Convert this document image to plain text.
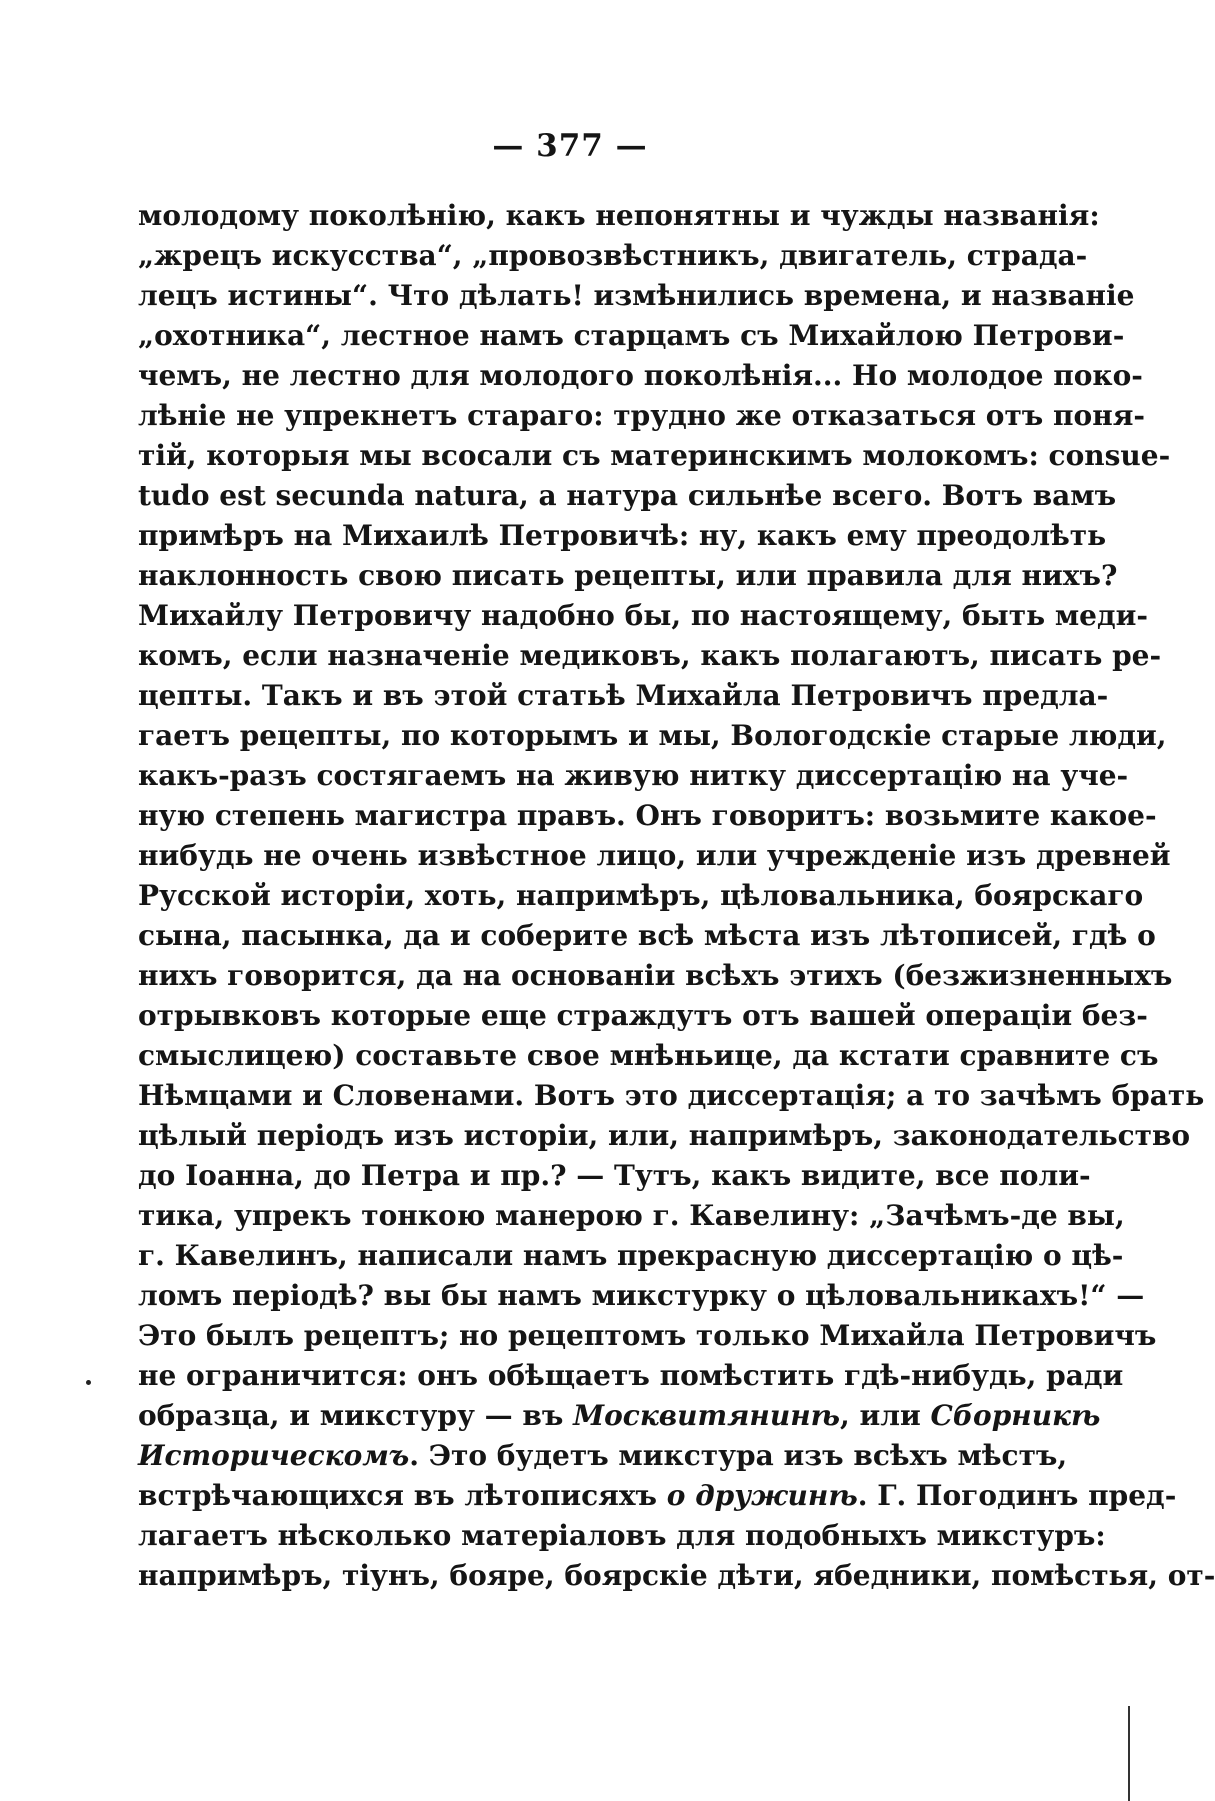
— 377 —
молодому поколѣнію, какъ непонятны и чужды названія:
„жрецъ искусства“, „провозвѣстникъ, двигатель, страда-
лецъ истины“. Что дѣлать! измѣнились времена, и названіе
„охотника“, лестное намъ старцамъ съ Михайлою Петрови-
чемъ, не лестно для молодого поколѣнія... Но молодое поко-
лѣніе не упрекнетъ стараго: трудно же отказаться отъ поня-
тій, которыя мы всосали съ материнскимъ молокомъ: consue-
tudo est secunda natura, а натура сильнѣе всего. Вотъ вамъ
примѣръ на Михаилѣ Петровичѣ: ну, какъ ему преодолѣть
наклонность свою писать рецепты, или правила для нихъ?
Михайлу Петровичу надобно бы, по настоящему, быть меди-
комъ, если назначеніе медиковъ, какъ полагаютъ, писать ре-
цепты. Такъ и въ этой статьѣ Михайла Петровичъ предла-
гаетъ рецепты, по которымъ и мы, Вологодскіе старые люди,
какъ-разъ состягаемъ на живую нитку диссертацію на уче-
ную степень магистра правъ. Онъ говоритъ: возьмите какое-
нибудь не очень извѣстное лицо, или учрежденіе изъ древней
Русской исторіи, хоть, напримѣръ, цѣловальника, боярскаго
сына, пасынка, да и соберите всѣ мѣста изъ лѣтописей, гдѣ о
нихъ говорится, да на основаніи всѣхъ этихъ (безжизненныхъ
отрывковъ которые еще страждутъ отъ вашей операціи без-
смыслицею) составьте свое мнѣньице, да кстати сравните съ
Нѣмцами и Словенами. Вотъ это диссертація; а то зачѣмъ брать
цѣлый періодъ изъ исторіи, или, напримѣръ, законодательство
до Іоанна, до Петра и пр.? — Тутъ, какъ видите, все поли-
тика, упрекъ тонкою манерою г. Кавелину: „Зачѣмъ-де вы,
г. Кавелинъ, написали намъ прекрасную диссертацію о цѣ-
ломъ періодѣ? вы бы намъ микстурку о цѣловальникахъ!“ —
Это былъ рецептъ; но рецептомъ только Михайла Петровичъ
не ограничится: онъ обѣщаетъ помѣстить гдѣ-нибудь, ради
образца, и микстуру — въ Москвитянинѣ, или Сборникѣ
Историческомъ. Это будетъ микстура изъ всѣхъ мѣстъ,
встрѣчающихся въ лѣтописяхъ о дружинѣ. Г. Погодинъ пред-
лагаетъ нѣсколько матеріаловъ для подобныхъ микстуръ:
напримѣръ, тіунъ, бояре, боярскіе дѣти, ябедники, помѣстья, от-
